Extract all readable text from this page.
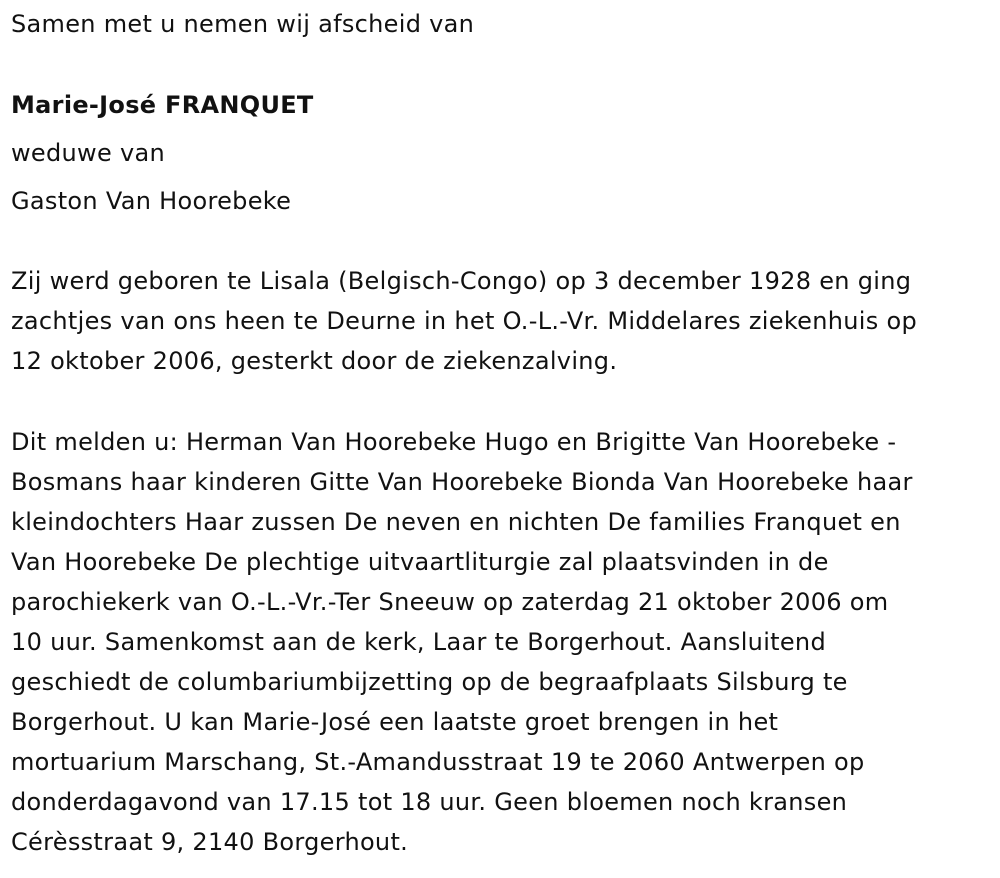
Samen met u nemen wij afscheid van

Marie-José FRANQUET

weduwe van

Gaston Van Hoorebeke

Zij werd geboren te Lisala (Belgisch-Congo) op 3 december 1928 en ging

zachtjes van ons heen te Deurne in het O.-L.-Vr. Middelares ziekenhuis op

12 oktober 2006, gesterkt door de ziekenzalving.

Dit melden u: Herman Van Hoorebeke Hugo en Brigitte Van Hoorebeke -

Bosmans haar kinderen Gitte Van Hoorebeke Bionda Van Hoorebeke haar

kleindochters Haar zussen De neven en nichten De families Franquet en

Van Hoorebeke De plechtige uitvaartliturgie zal plaatsvinden in de

parochiekerk van O.-L.-Vr.-Ter Sneeuw op zaterdag 21 oktober 2006 om

10 uur. Samenkomst aan de kerk, Laar te Borgerhout. Aansluitend

geschiedt de columbariumbijzetting op de begraafplaats Silsburg te

Borgerhout. U kan Marie-José een laatste groet brengen in het

mortuarium Marschang, St.-Amandusstraat 19 te 2060 Antwerpen op

donderdagavond van 17.15 tot 18 uur. Geen bloemen noch kransen

Cérèsstraat 9, 2140 Borgerhout.
